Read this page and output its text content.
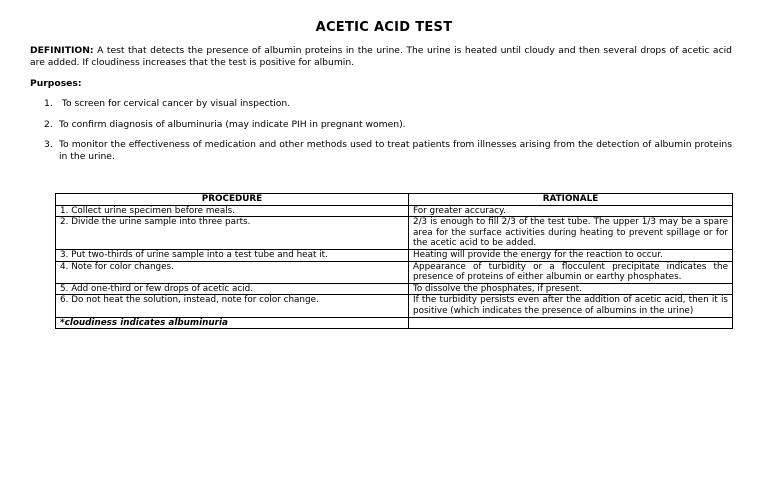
ACETIC ACID TEST
DEFINITION: A test that detects the presence of albumin proteins in the urine. The urine is heated until cloudy and then several drops of acetic acid are added. If cloudiness increases that the test is positive for albumin.
Purposes:
1. To screen for cervical cancer by visual inspection.
2. To confirm diagnosis of albuminuria (may indicate PIH in pregnant women).
3. To monitor the effectiveness of medication and other methods used to treat patients from illnesses arising from the detection of albumin proteins in the urine.
PROCEDURE	RATIONALE
1. Collect urine specimen before meals.	For greater accuracy.
2. Divide the urine sample into three parts.	2/3 is enough to fill 2/3 of the test tube. The upper 1/3 may be a spare area for the surface activities during heating to prevent spillage or for the acetic acid to be added.
3. Put two-thirds of urine sample into a test tube and heat it.	Heating will provide the energy for the reaction to occur.
4. Note for color changes.	Appearance of turbidity or a flocculent precipitate indicates the presence of proteins of either albumin or earthy phosphates.
5. Add one-third or few drops of acetic acid.	To dissolve the phosphates, if present.
6. Do not heat the solution, instead, note for color change.	If the turbidity persists even after the addition of acetic acid, then it is positive (which indicates the presence of albumins in the urine)
*cloudiness indicates albuminuria	
